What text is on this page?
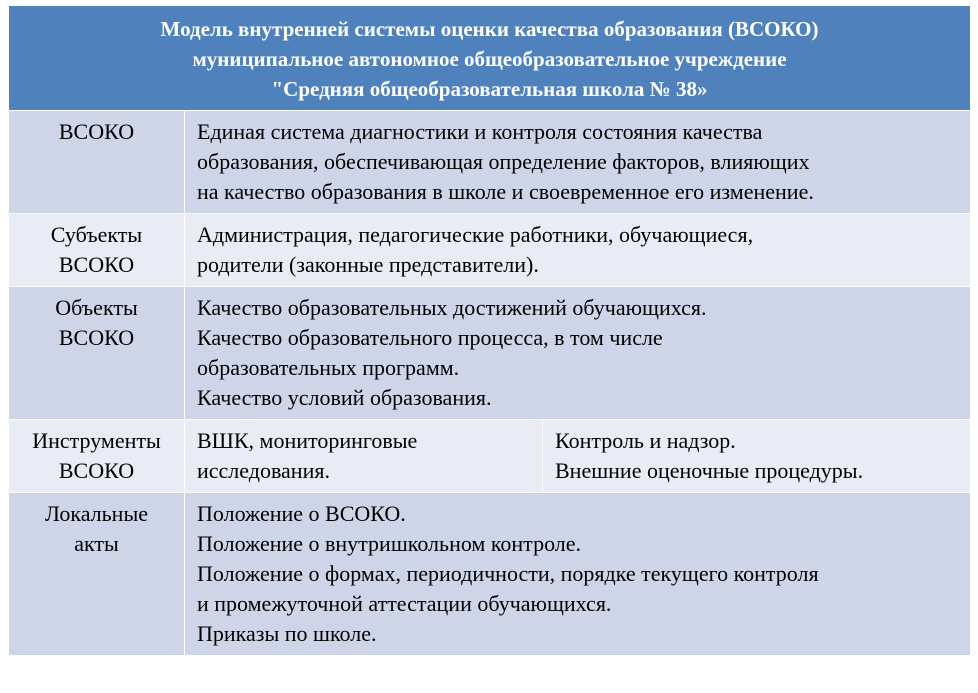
Модель внутренней системы оценки качества образования (ВСОКО)
муниципальное автономное общеобразовательное учреждение
"Средняя общеобразовательная школа № 38»		

ВСОКО	Единая система диагностики и контроля состояния качества
образования, обеспечивающая определение факторов, влияющих
на качество образования в школе и своевременное его изменение.	

Субъекты
ВСОКО	Администрация, педагогические работники, обучающиеся,
родители (законные представители).	

Объекты
ВСОКО	Качество образовательных достижений обучающихся.
Качество образовательного процесса, в том числе
образовательных программ.
Качество условий образования.	

Инструменты
ВСОКО	ВШК, мониторинговые
исследования.	Контроль и надзор.
Внешние оценочные процедуры.

Локальные
акты	Положение о ВСОКО.
Положение о внутришкольном контроле.
Положение о формах, периодичности, порядке текущего контроля
и промежуточной аттестации обучающихся.
Приказы по школе.	
